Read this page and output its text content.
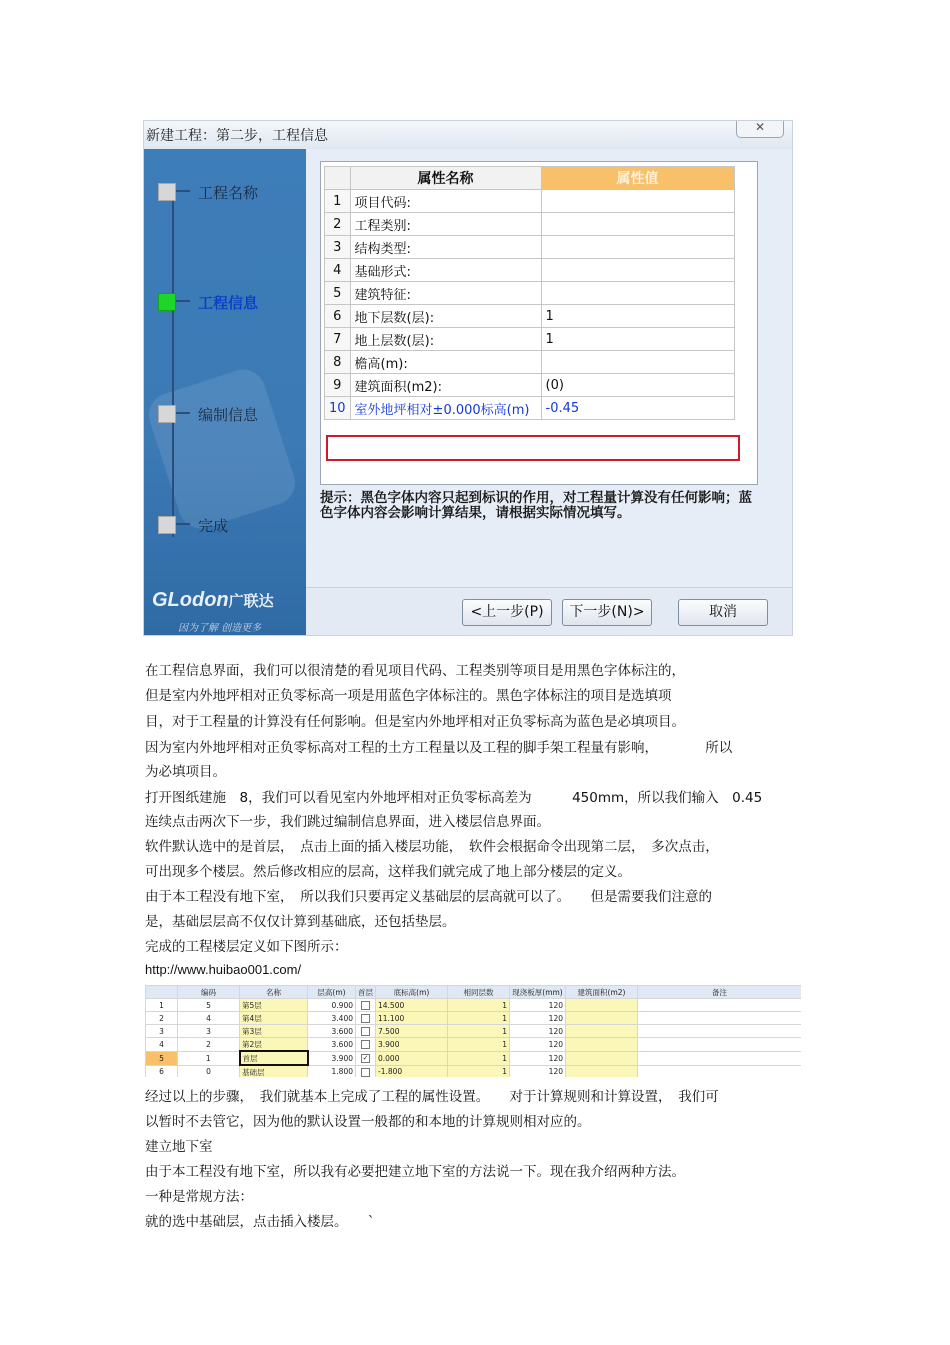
新建工程：第二步，工程信息
✕
工程名称
工程信息
编制信息
完成
GLodon广联达
因为了解 创造更多
	属性名称	属性值
1	项目代码:	
2	工程类别:	
3	结构类型:	
4	基础形式:	
5	建筑特征:	
6	地下层数(层):	1
7	地上层数(层):	1
8	檐高(m):	
9	建筑面积(m2):	(0)
10	室外地坪相对±0.000标高(m)	-0.45
提示：黑色字体内容只起到标识的作用，对工程量计算没有任何影响；蓝色字体内容会影响计算结果，请根据实际情况填写。
<上一步(P)	下一步(N)>	取消
在工程信息界面，我们可以很清楚的看见项目代码、工程类别等项目是用黑色字体标注的，
但是室内外地坪相对正负零标高一项是用蓝色字体标注的。黑色字体标注的项目是选填项
目，对于工程量的计算没有任何影响。但是室内外地坪相对正负零标高为蓝色是必填项目。
因为室内外地坪相对正负零标高对工程的土方工程量以及工程的脚手架工程量有影响，　　　　所以
为必填项目。
打开图纸建施　8，我们可以看见室内外地坪相对正负零标高差为　　　450mm，所以我们输入　0.45
连续点击两次下一步，我们跳过编制信息界面，进入楼层信息界面。
软件默认选中的是首层，　点击上面的插入楼层功能，　软件会根据命令出现第二层，　多次点击，
可出现多个楼层。然后修改相应的层高，这样我们就完成了地上部分楼层的定义。
由于本工程没有地下室，　所以我们只要再定义基础层的层高就可以了。　　但是需要我们注意的
是，基础层层高不仅仅计算到基础底，还包括垫层。
完成的工程楼层定义如下图所示：
http://www.huibao001.com/
	编码	名称	层高(m)	首层	底标高(m)	相同层数	现浇板厚(mm)	建筑面积(m2)	备注
1	5	第5层	0.900		14.500	1	120		
2	4	第4层	3.400		11.100	1	120		
3	3	第3层	3.600		7.500	1	120		
4	2	第2层	3.600		3.900	1	120		
5	1	首层	3.900	✓	0.000	1	120		
6	0	基础层	1.800		-1.800	1	120		
经过以上的步骤，　我们就基本上完成了工程的属性设置。　　对于计算规则和计算设置，　我们可
以暂时不去管它，因为他的默认设置一般都的和本地的计算规则相对应的。
建立地下室
由于本工程没有地下室，所以我有必要把建立地下室的方法说一下。现在我介绍两种方法。
一种是常规方法：
就的选中基础层，点击插入楼层。　　`
